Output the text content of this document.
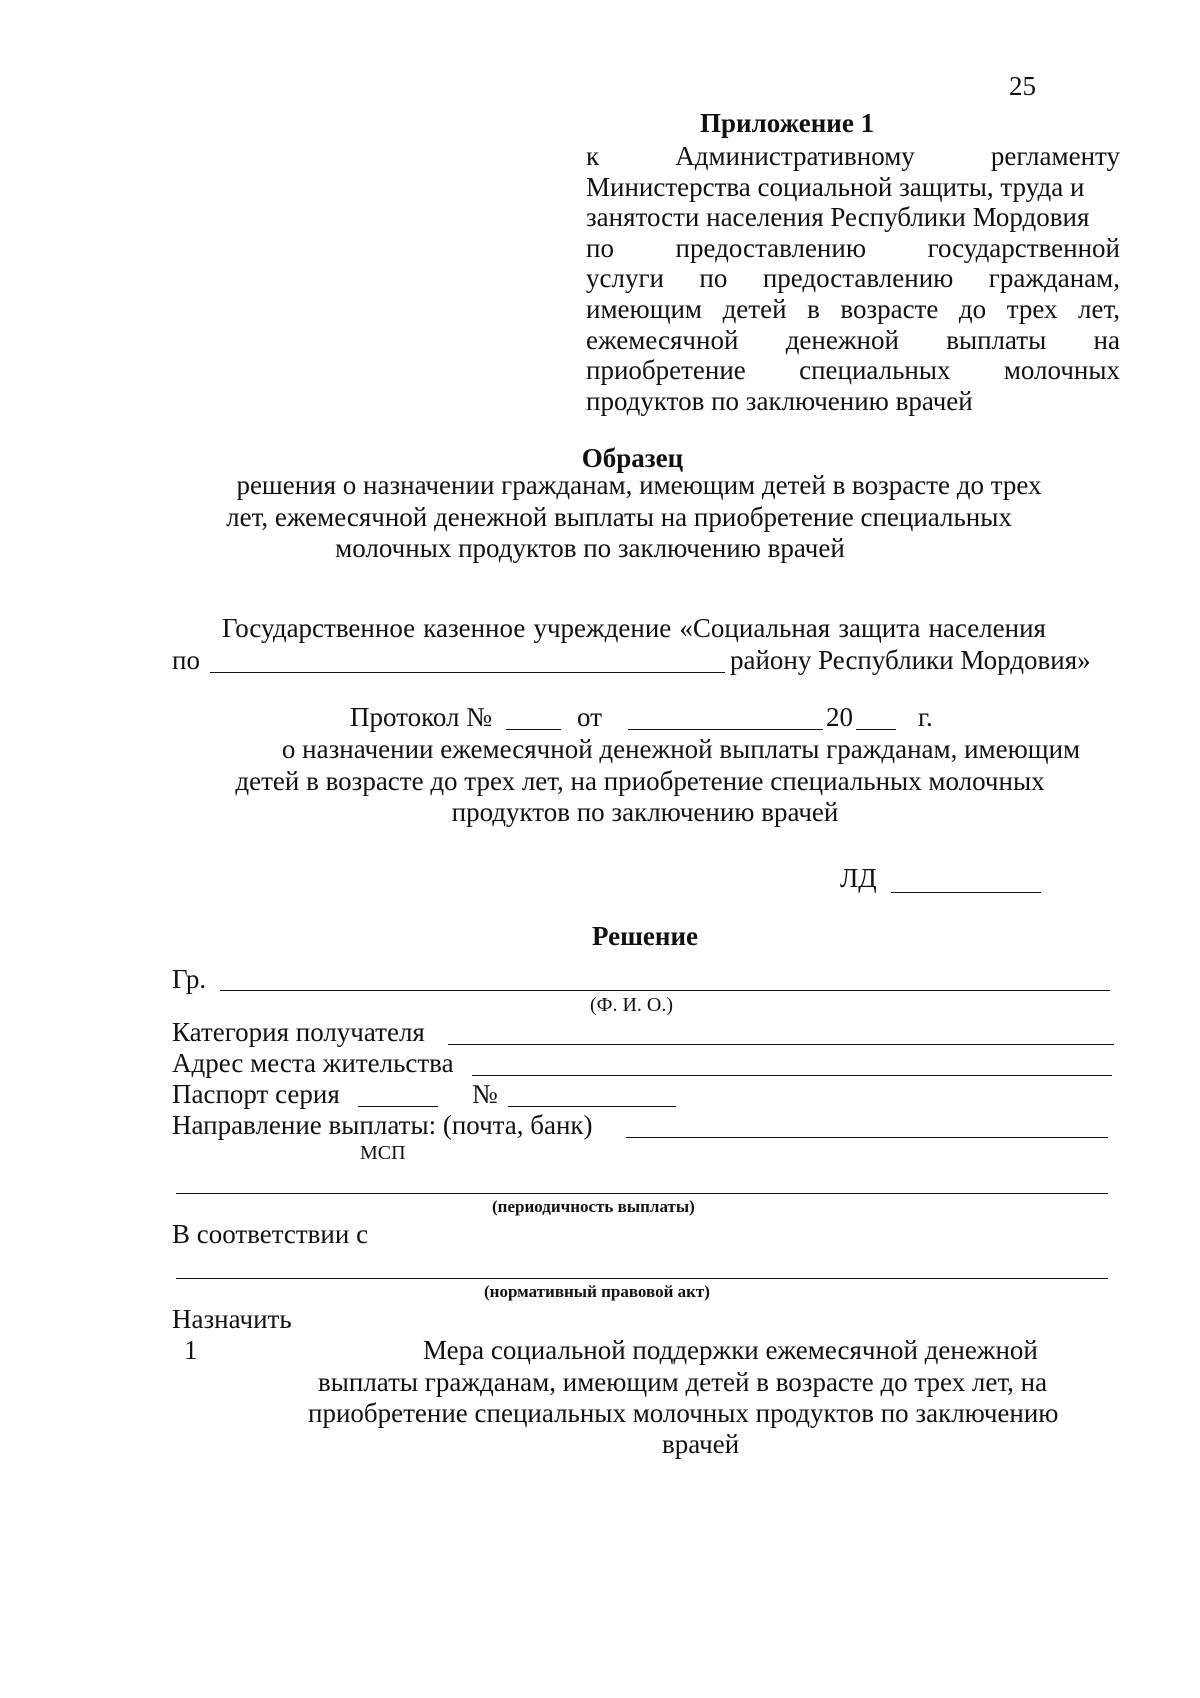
25
Приложение 1
к	Административному	регламенту
Министерства социальной защиты, труда и
занятости населения Республики Мордовия
по предоставлению государственной
услуги по предоставлению гражданам,
имеющим детей в возрасте до трех лет,
ежемесячной денежной выплаты на
приобретение специальных молочных
продуктов по заключению врачей
Образец
решения о назначении гражданам, имеющим детей в возрасте до трех
лет, ежемесячной денежной выплаты на приобретение специальных
молочных продуктов по заключению врачей
Государственное казенное учреждение «Социальная защита населения
по	району Республики Мордовия»
Протокол №	от	20 г.
о назначении ежемесячной денежной выплаты гражданам, имеющим
детей в возрасте до трех лет, на приобретение специальных молочных
продуктов по заключению врачей
ЛД
Решение
Гр.
(Ф. И. О.)
Категория получателя
Адрес места жительства
Паспорт серия	№
Направление выплаты: (почта, банк)
МСП
(периодичность выплаты)
В соответствии с
(нормативный правовой акт)
Назначить
1	Мера социальной поддержки ежемесячной денежной
выплаты гражданам, имеющим детей в возрасте до трех лет, на
приобретение специальных молочных продуктов по заключению
врачей
